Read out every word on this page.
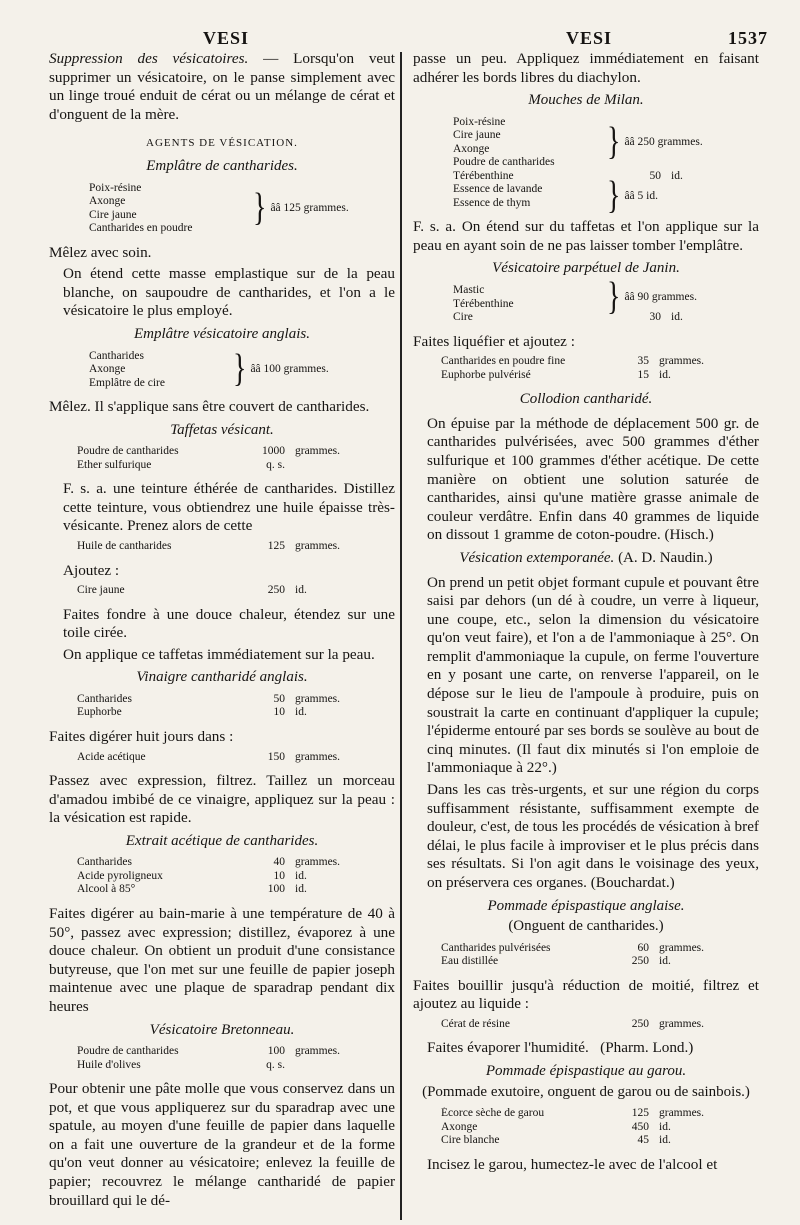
VESI	VESI	1537

Suppression des vésicatoires. — Lorsqu'on veut supprimer un vésicatoire, on le panse simplement avec un linge troué enduit de cérat ou un mélange de cérat et d'onguent de la mère.

AGENTS DE VÉSICATION.
Emplâtre de cantharides.
Poix-résine
Axonge
Cire jaune
Cantharides en poudre	} ââ 125 grammes.

Mêlez avec soin.

On étend cette masse emplastique sur de la peau blanche, on saupoudre de cantharides, et l'on a le vésicatoire le plus employé.

Emplâtre vésicatoire anglais.
Cantharides
Axonge
Emplâtre de cire	} ââ 100 grammes.

Mêlez. Il s'applique sans être couvert de cantharides.

Taffetas vésicant.
Poudre de cantharides	1000 grammes.
Ether sulfurique	q. s.

F. s. a. une teinture éthérée de cantharides. Distillez cette teinture, vous obtiendrez une huile épaisse très-vésicante. Prenez alors de cette

Huile de cantharides	125 grammes.

Ajoutez :

Cire jaune	250 id.

Faites fondre à une douce chaleur, étendez sur une toile cirée.

On applique ce taffetas immédiatement sur la peau.

Vinaigre cantharidé anglais.
Cantharides	50 grammes.
Euphorbe	10 id.

Faites digérer huit jours dans :

Acide acétique	150 grammes.

Passez avec expression, filtrez. Taillez un morceau d'amadou imbibé de ce vinaigre, appliquez sur la peau : la vésication est rapide.

Extrait acétique de cantharides.
Cantharides	40 grammes.
Acide pyroligneux	10 id.
Alcool à 85°	100 id.

Faites digérer au bain-marie à une température de 40 à 50°, passez avec expression; distillez, évaporez à une douce chaleur. On obtient un produit d'une consistance butyreuse, que l'on met sur une feuille de papier joseph maintenue avec une plaque de sparadrap pendant dix heures

Vésicatoire Bretonneau.
Poudre de cantharides	100 grammes.
Huile d'olives	q. s.

Pour obtenir une pâte molle que vous conservez dans un pot, et que vous appliquerez sur du sparadrap avec une spatule, au moyen d'une feuille de papier dans laquelle on a fait une ouverture de la grandeur et de la forme qu'on veut donner au vésicatoire; enlevez la feuille de papier; recouvrez le mélange cantharidé de papier brouillard qui le dé-

passe un peu. Appliquez immédiatement en faisant adhérer les bords libres du diachylon.

Mouches de Milan.
Poix-résine
Cire jaune
Axonge
Poudre de cantharides	} ââ 250 grammes.
Térébenthine	50 id.
Essence de lavande
Essence de thym	} ââ 5 id.

F. s. a. On étend sur du taffetas et l'on applique sur la peau en ayant soin de ne pas laisser tomber l'emplâtre.

Vésicatoire parpétuel de Janin.
Mastic
Térébenthine	} ââ 90 grammes.
Cire	30 id.

Faites liquéfier et ajoutez :

Cantharides en poudre fine	35 grammes.
Euphorbe pulvérisé	15 id.
Collodion cantharidé.

On épuise par la méthode de déplacement 500 gr. de cantharides pulvérisées, avec 500 grammes d'éther sulfurique et 100 grammes d'éther acétique. De cette manière on obtient une solution saturée de cantharides, ainsi qu'une matière grasse animale de couleur verdâtre. Enfin dans 40 grammes de liquide on dissout 1 gramme de coton-poudre. (Hisch.)

Vésication extemporanée. (A. D. Naudin.)

On prend un petit objet formant cupule et pouvant être saisi par dehors (un dé à coudre, un verre à liqueur, une coupe, etc., selon la dimension du vésicatoire qu'on veut faire), et l'on a de l'ammoniaque à 25°. On remplit d'ammoniaque la cupule, on ferme l'ouverture en y posant une carte, on renverse l'appareil, on le dépose sur le lieu de l'ampoule à produire, puis on soustrait la carte en continuant d'appliquer la cupule; l'épiderme entouré par ses bords se soulève au bout de cinq minutes. (Il faut dix minutés si l'on emploie de l'ammoniaque à 22°.)

Dans les cas très-urgents, et sur une région du corps suffisamment résistante, suffisamment exempte de douleur, c'est, de tous les procédés de vésication à bref délai, le plus facile à improviser et le plus précis dans ses résultats. Si l'on agit dans le voisinage des yeux, on préservera ces organes. (Bouchardat.)

Pommade épispastique anglaise.
(Onguent de cantharides.)
Cantharides pulvérisées	60 grammes.
Eau distillée	250 id.

Faites bouillir jusqu'à réduction de moitié, filtrez et ajoutez au liquide :

Cérat de résine	250 grammes.

Faites évaporer l'humidité. (Pharm. Lond.)

Pommade épispastique au garou.
(Pommade exutoire, onguent de garou ou de sainbois.)
Écorce sèche de garou	125 grammes.
Axonge	450 id.
Cire blanche	45 id.

Incisez le garou, humectez-le avec de l'alcool et
